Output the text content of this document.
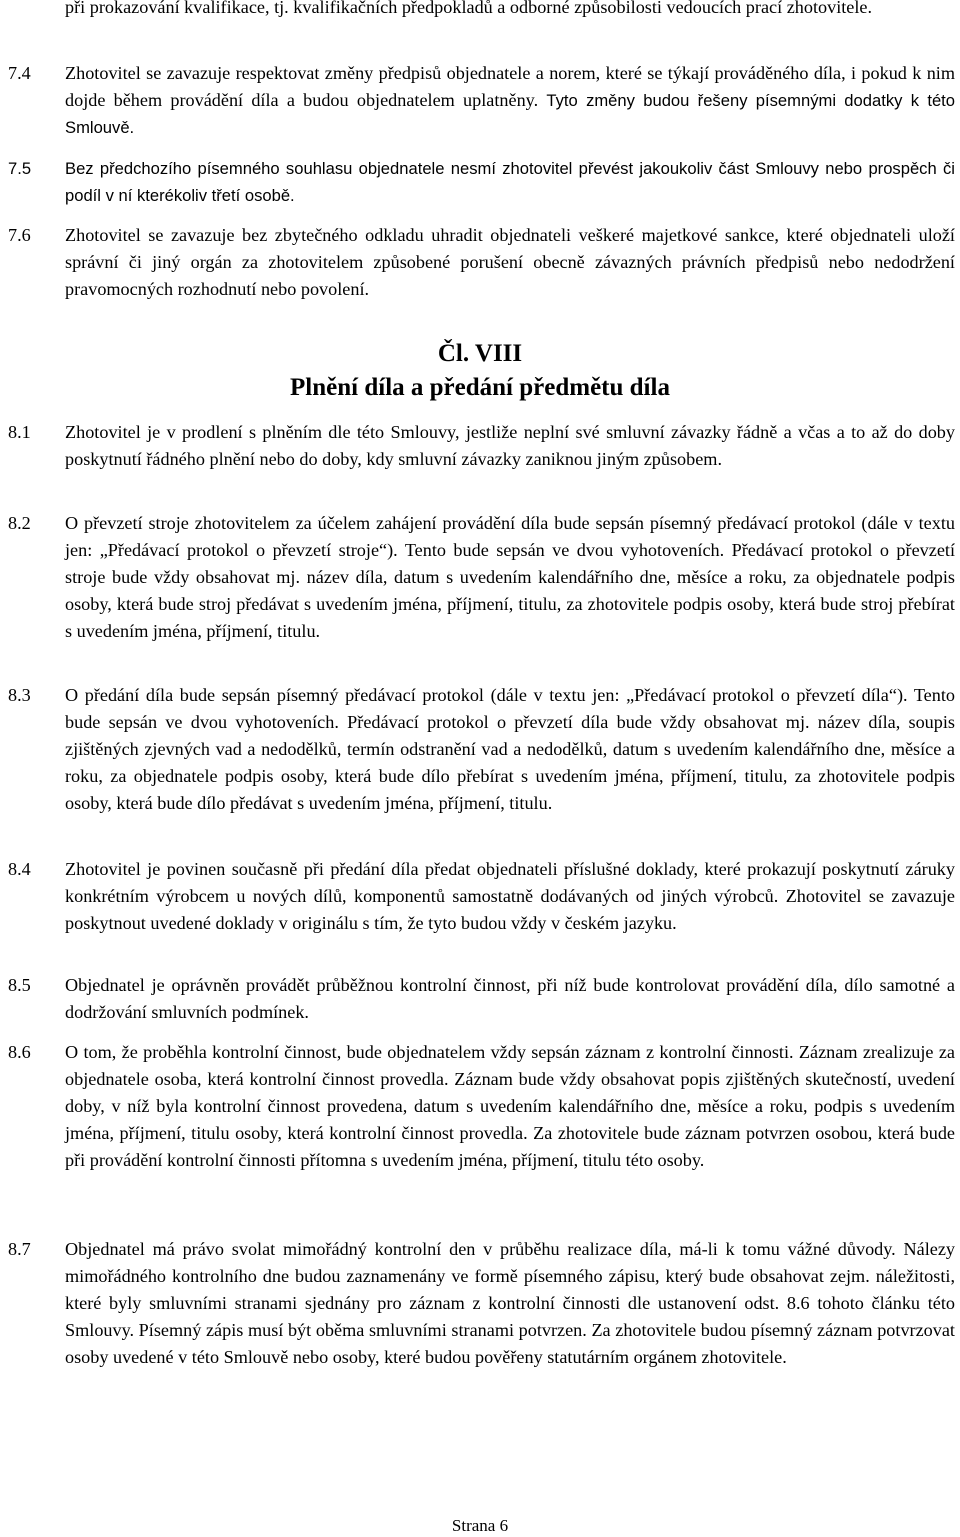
při prokazování kvalifikace, tj. kvalifikačních předpokladů a odborné způsobilosti vedoucích prací zhotovitele.

7.4	Zhotovitel se zavazuje respektovat změny předpisů objednatele a norem, které se týkají prováděného díla, i pokud k nim dojde během provádění díla a budou objednatelem uplatněny. Tyto změny budou řešeny písemnými dodatky k této Smlouvě.

7.5	Bez předchozího písemného souhlasu objednatele nesmí zhotovitel převést jakoukoliv část Smlouvy nebo prospěch či podíl v ní kterékoliv třetí osobě.

7.6	Zhotovitel se zavazuje bez zbytečného odkladu uhradit objednateli veškeré majetkové sankce, které objednateli uloží správní či jiný orgán za zhotovitelem způsobené porušení obecně závazných právních předpisů nebo nedodržení pravomocných rozhodnutí nebo povolení.

Čl. VIII
Plnění díla a předání předmětu díla
8.1	Zhotovitel je v prodlení s plněním dle této Smlouvy, jestliže neplní své smluvní závazky řádně a včas a to až do doby poskytnutí řádného plnění nebo do doby, kdy smluvní závazky zaniknou jiným způsobem.

8.2	O převzetí stroje zhotovitelem za účelem zahájení provádění díla bude sepsán písemný předávací protokol (dále v textu jen: „Předávací protokol o převzetí stroje“). Tento bude sepsán ve dvou vyhotoveních. Předávací protokol o převzetí stroje bude vždy obsahovat mj. název díla, datum s uvedením kalendářního dne, měsíce a roku, za objednatele podpis osoby, která bude stroj předávat s uvedením jména, příjmení, titulu, za zhotovitele podpis osoby, která bude stroj přebírat s uvedením jména, příjmení, titulu.

8.3	O předání díla bude sepsán písemný předávací protokol (dále v textu jen: „Předávací protokol o převzetí díla“). Tento bude sepsán ve dvou vyhotoveních. Předávací protokol o převzetí díla bude vždy obsahovat mj. název díla, soupis zjištěných zjevných vad a nedodělků, termín odstranění vad a nedodělků, datum s uvedením kalendářního dne, měsíce a roku, za objednatele podpis osoby, která bude dílo přebírat s uvedením jména, příjmení, titulu, za zhotovitele podpis osoby, která bude dílo předávat s uvedením jména, příjmení, titulu.

8.4	Zhotovitel je povinen současně při předání díla předat objednateli příslušné doklady, které prokazují poskytnutí záruky konkrétním výrobcem u nových dílů, komponentů samostatně dodávaných od jiných výrobců. Zhotovitel se zavazuje poskytnout uvedené doklady v originálu s tím, že tyto budou vždy v českém jazyku.

8.5	Objednatel je oprávněn provádět průběžnou kontrolní činnost, při níž bude kontrolovat provádění díla, dílo samotné a dodržování smluvních podmínek.

8.6	O tom, že proběhla kontrolní činnost, bude objednatelem vždy sepsán záznam z kontrolní činnosti. Záznam zrealizuje za objednatele osoba, která kontrolní činnost provedla. Záznam bude vždy obsahovat popis zjištěných skutečností, uvedení doby, v níž byla kontrolní činnost provedena, datum s uvedením kalendářního dne, měsíce a roku, podpis s uvedením jména, příjmení, titulu osoby, která kontrolní činnost provedla. Za zhotovitele bude záznam potvrzen osobou, která bude při provádění kontrolní činnosti přítomna s uvedením jména, příjmení, titulu této osoby.

8.7	Objednatel má právo svolat mimořádný kontrolní den v průběhu realizace díla, má-li k tomu vážné důvody. Nálezy mimořádného kontrolního dne budou zaznamenány ve formě písemného zápisu, který bude obsahovat zejm. náležitosti, které byly smluvními stranami sjednány pro záznam z kontrolní činnosti dle ustanovení odst. 8.6 tohoto článku této Smlouvy. Písemný zápis musí být oběma smluvními stranami potvrzen. Za zhotovitele budou písemný záznam potvrzovat osoby uvedené v této Smlouvě nebo osoby, které budou pověřeny statutárním orgánem zhotovitele.

Strana 6
